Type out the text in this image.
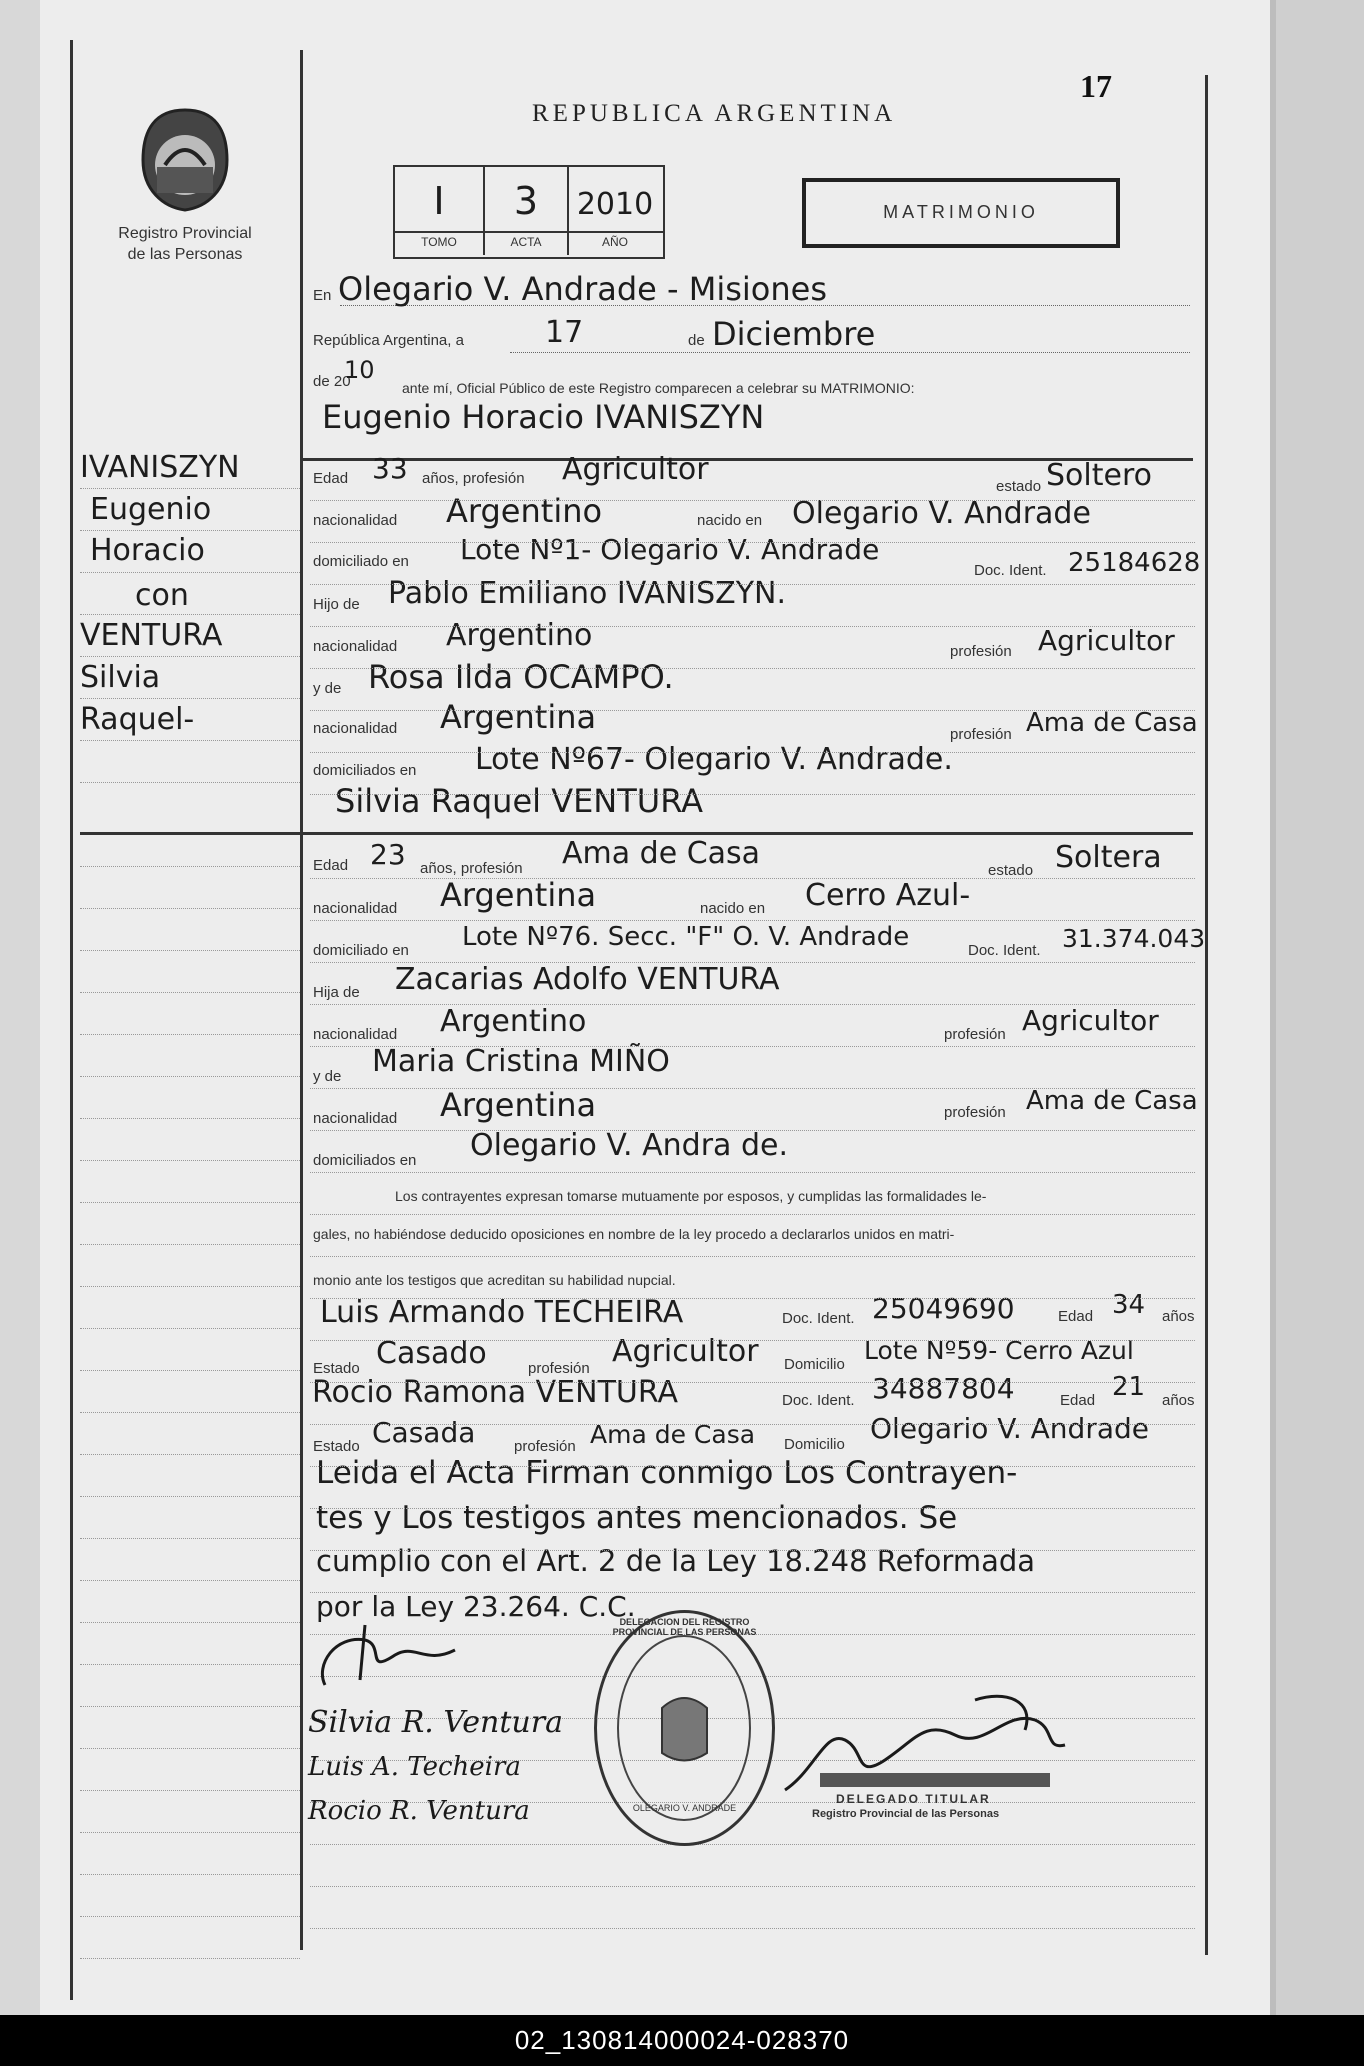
Registro Provincial
de las Personas
REPUBLICA ARGENTINA
17
I	3	2010
TOMO	ACTA	AÑO
MATRIMONIO
En Olegario V. Andrade - Misiones
República Argentina, a	17	de Diciembre
de 20
10
ante mí, Oficial Público de este Registro comparecen a celebrar su MATRIMONIO:
Eugenio Horacio IVANISZYN
IVANISZYN
Eugenio
Horacio
con
VENTURA
Silvia
Raquel-
Edad 33 años, profesión Agricultor	estado Soltero
nacionalidad Argentino	nacido en Olegario V. Andrade
domiciliado en Lote Nº1- Olegario V. Andrade
Doc. Ident. 25184628
Hijo de Pablo Emiliano IVANISZYN.
nacionalidad Argentino	profesión Agricultor
y de Rosa Ilda OCAMPO.
nacionalidad Argentina	profesión Ama de Casa
domiciliados en Lote Nº67- Olegario V. Andrade.
Silvia Raquel VENTURA
Edad 23 años, profesión Ama de Casa	estado Soltera
nacionalidad Argentina	nacido en Cerro Azul-
domiciliado en Lote Nº76. Secc. "F" O. V. Andrade	Doc. Ident. 31.374.043
Hija de Zacarias Adolfo VENTURA
nacionalidad Argentino	profesión Agricultor
y de Maria Cristina MIÑO
nacionalidad Argentina	profesión Ama de Casa
domiciliados en Olegario V. Andra de.
Los contrayentes expresan tomarse mutuamente por esposos, y cumplidas las formalidades le-
gales, no habiéndose deducido oposiciones en nombre de la ley procedo a declararlos unidos en matri-
monio ante los testigos que acreditan su habilidad nupcial.
Luis Armando TECHEIRA	Doc. Ident. 25049690	Edad 34 años
Estado Casado	profesión Agricultor Domicilio Lote Nº59- Cerro Azul
Rocio Ramona VENTURA	Doc. Ident. 34887804	Edad 21 años
Estado Casada	profesión Ama de Casa Domicilio Olegario V. Andrade
Leida el Acta Firman conmigo Los Contrayen-
tes y Los testigos antes mencionados. Se
cumplio con el Art. 2 de la Ley 18.248 Reformada
por la Ley 23.264. C.C.
Silvia R. Ventura
Luis A. Techeira
Rocio R. Ventura
DELEGACION DEL REGISTRO PROVINCIAL DE LAS PERSONAS
OLEGARIO V. ANDRADE
DELEGADO TITULAR
Registro Provincial de las Personas
02_130814000024-028370
